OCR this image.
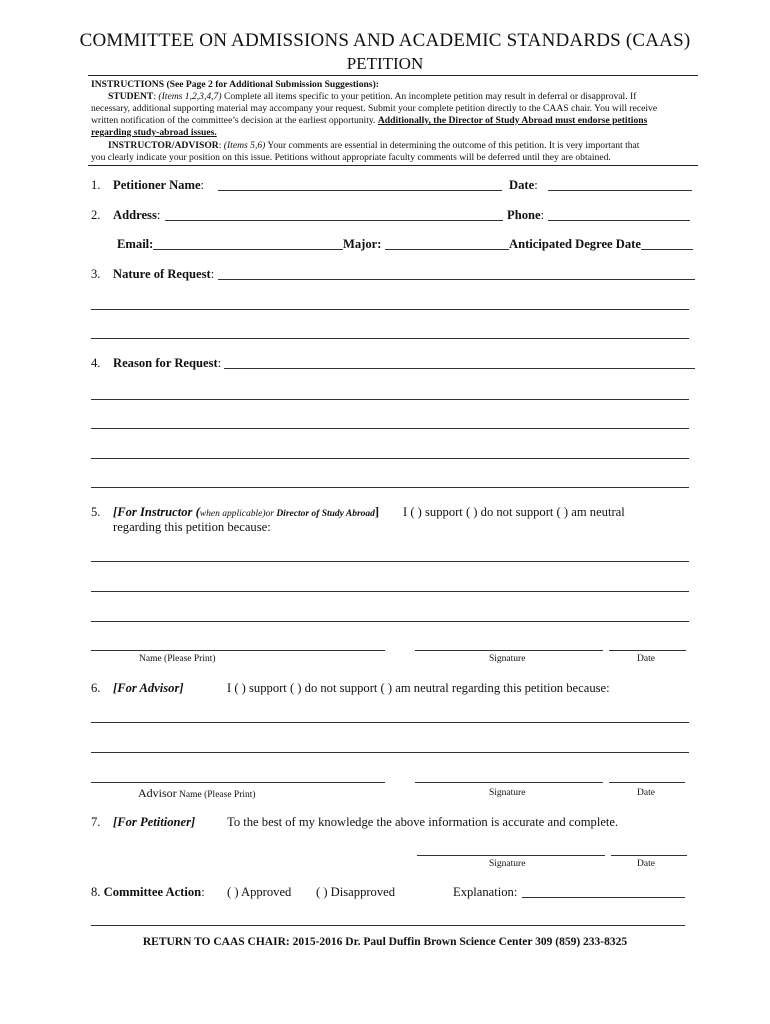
COMMITTEE ON ADMISSIONS AND ACADEMIC STANDARDS (CAAS)
PETITION
INSTRUCTIONS (See Page 2 for Additional Submission Suggestions):
STUDENT: (Items 1,2,3,4,7) Complete all items specific to your petition. An incomplete petition may result in deferral or disapproval. If
necessary, additional supporting material may accompany your request. Submit your complete petition directly to the CAAS chair. You will receive
written notification of the committee’s decision at the earliest opportunity. Additionally, the Director of Study Abroad must endorse petitions
regarding study-abroad issues.
INSTRUCTOR/ADVISOR: (Items 5,6) Your comments are essential in determining the outcome of this petition. It is very important that
you clearly indicate your position on this issue. Petitions without appropriate faculty comments will be deferred until they are obtained.
1. Petitioner Name:	Date:
2. Address:	Phone:
Email:	Major:	Anticipated Degree Date
3. Nature of Request:
4. Reason for Request:
5. [For Instructor (when applicable)or Director of Study Abroad] I ( ) support ( ) do not support ( ) am neutral
regarding this petition because:
Name (Please Print)	Signature	Date
6. [For Advisor]	I ( ) support ( ) do not support ( ) am neutral regarding this petition because:
Advisor Name (Please Print)	Signature	Date
7. [For Petitioner]	To the best of my knowledge the above information is accurate and complete.
Signature	Date
8. Committee Action: ( ) Approved ( ) Disapproved	Explanation:
RETURN TO CAAS CHAIR: 2015-2016 Dr. Paul Duffin Brown Science Center 309 (859) 233-8325
